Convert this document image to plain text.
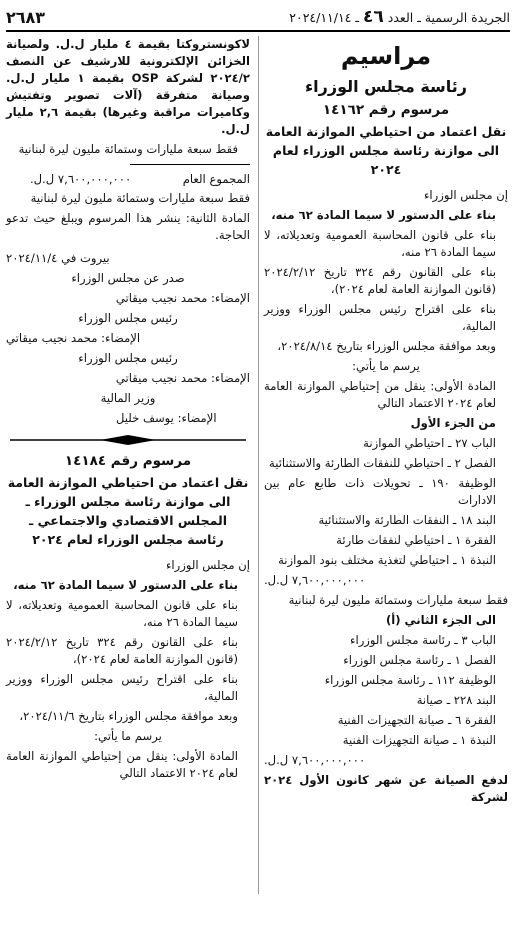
الجريدة الرسمية ـ العدد ٤٦ ـ ٢٠٢٤/١١/١٤
٢٦٨٣
مراسيم
رئاسة مجلس الوزراء
مرسوم رقم ١٤١٦٢
نقل اعتماد من احتياطي الموازنة العامة
الى موازنة رئاسة مجلس الوزراء لعام ٢٠٢٤

إن مجلس الوزراء

بناء على الدستور لا سيما المادة ٦٢ منه،

بناء على قانون المحاسبة العمومية وتعديلاته، لا سيما المادة ٢٦ منه،

بناء على القانون رقم ٣٢٤ تاريخ ٢٠٢٤/٢/١٢ (قانون الموازنة العامة لعام ٢٠٢٤)،

بناء على اقتراح رئيس مجلس الوزراء ووزير المالية،

وبعد موافقة مجلس الوزراء بتاريخ ٢٠٢٤/٨/١٤،

يرسم ما يأتي:

المادة الأولى: ينقل من إحتياطي الموازنة العامة لعام ٢٠٢٤ الاعتماد التالي

من الجزء الأول

الباب ٢٧ ـ احتياطي الموازنة

الفصل ٢ ـ احتياطي للنفقات الطارئة والاستثنائية

الوظيفة ١٩٠ ـ تحويلات ذات طابع عام بين الادارات

البند ١٨ ـ النفقات الطارئة والاستثنائية

الفقرة ١ ـ احتياطي لنفقات طارئة

النبذة ١ ـ احتياطي لتغذية مختلف بنود الموازنة

٧,٦٠٠,٠٠٠,٠٠٠ ل.ل.

فقط سبعة مليارات وستمائة مليون ليرة لبنانية

الى الجزء الثاني (أ)

الباب ٣ ـ رئاسة مجلس الوزراء

الفصل ١ ـ رئاسة مجلس الوزراء

الوظيفة ١١٢ ـ رئاسة مجلس الوزراء

البند ٢٢٨ ـ صيانة

الفقرة ٦ ـ صيانة التجهيزات الفنية

النبذة ١ ـ صيانة التجهيزات الفنية

٧,٦٠٠,٠٠٠,٠٠٠ ل.ل.

لدفع الصيانة عن شهر كانون الأول ٢٠٢٤ لشركة

لاكونستروكتا بقيمة ٤ مليار ل.ل. ولصيانة الخزائن الإلكترونية للارشيف عن النصف ٢٠٢٤/٢ لشركة OSP بقيمة ١ مليار ل.ل. وصيانة متفرقة (آلات تصوير وتفتيش وكاميرات مراقبة وغيرها) بقيمة ٢,٦ مليار ل.ل.

فقط سبعة مليارات وستمائة مليون ليرة لبنانية

المجموع العام
٧,٦٠٠,٠٠٠,٠٠٠ ل.ل.

فقط سبعة مليارات وستمائة مليون ليرة لبنانية

المادة الثانية: ينشر هذا المرسوم ويبلغ حيث تدعو الحاجة.

بيروت في ٢٠٢٤/١١/٤

صدر عن مجلس الوزراء

الإمضاء: محمد نجيب ميقاتي

رئيس مجلس الوزراء

الإمضاء: محمد نجيب ميقاتي

رئيس مجلس الوزراء

الإمضاء: محمد نجيب ميقاتي

وزير المالية

الإمضاء: يوسف خليل

مرسوم رقم ١٤١٨٤
نقل اعتماد من احتياطي الموازنة العامة
الى موازنة رئاسة مجلس الوزراء ـ
المجلس الاقتصادي والاجتماعي ـ
رئاسة مجلس الوزراء لعام ٢٠٢٤

إن مجلس الوزراء

بناء على الدستور لا سيما المادة ٦٢ منه،

بناء على قانون المحاسبة العمومية وتعديلاته، لا سيما المادة ٢٦ منه،

بناء على القانون رقم ٣٢٤ تاريخ ٢٠٢٤/٢/١٢ (قانون الموازنة العامة لعام ٢٠٢٤)،

بناء على اقتراح رئيس مجلس الوزراء ووزير المالية،

وبعد موافقة مجلس الوزراء بتاريخ ٢٠٢٤/١١/٦،

يرسم ما يأتي:

المادة الأولى: ينقل من إحتياطي الموازنة العامة لعام ٢٠٢٤ الاعتماد التالي
